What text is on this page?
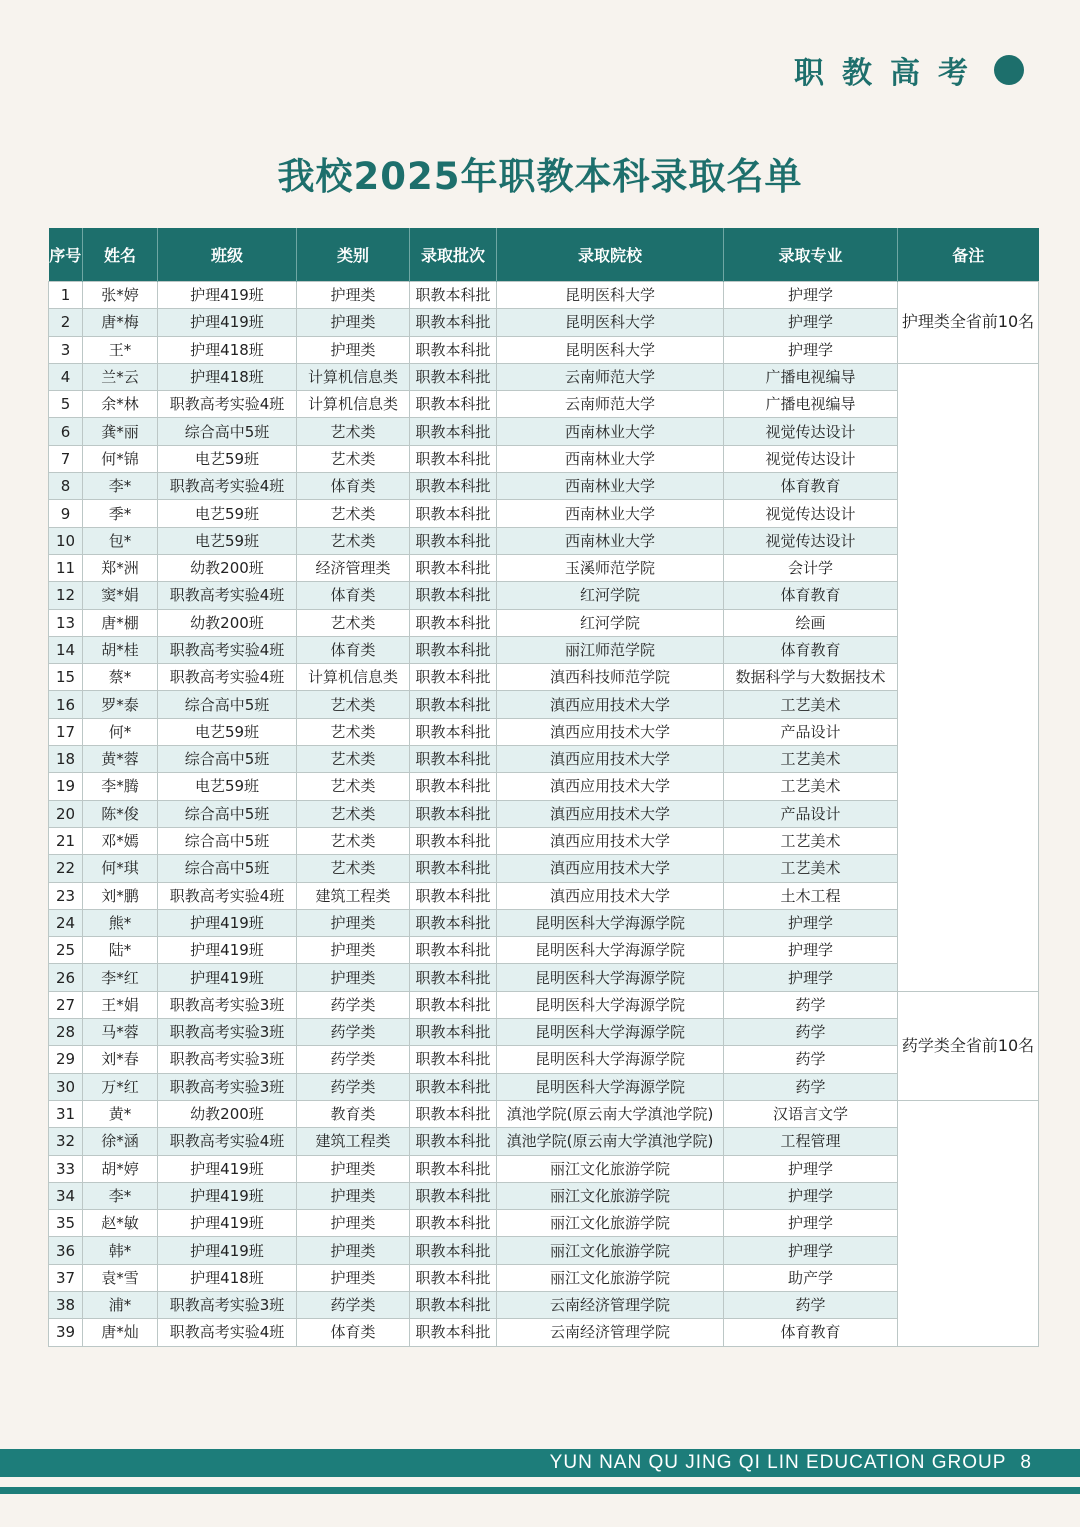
职教高考
我校2025年职教本科录取名单
序号	姓名	班级	类别	录取批次	录取院校	录取专业	备注
1	张*婷	护理419班	护理类	职教本科批	昆明医科大学	护理学	护理类全省前10名
2	唐*梅	护理419班	护理类	职教本科批	昆明医科大学	护理学	
3	王*	护理418班	护理类	职教本科批	昆明医科大学	护理学	
4	兰*云	护理418班	计算机信息类	职教本科批	云南师范大学	广播电视编导	
5	余*林	职教高考实验4班	计算机信息类	职教本科批	云南师范大学	广播电视编导	
6	龚*丽	综合高中5班	艺术类	职教本科批	西南林业大学	视觉传达设计	
7	何*锦	电艺59班	艺术类	职教本科批	西南林业大学	视觉传达设计	
8	李*	职教高考实验4班	体育类	职教本科批	西南林业大学	体育教育	
9	季*	电艺59班	艺术类	职教本科批	西南林业大学	视觉传达设计	
10	包*	电艺59班	艺术类	职教本科批	西南林业大学	视觉传达设计	
11	郑*洲	幼教200班	经济管理类	职教本科批	玉溪师范学院	会计学	
12	窦*娟	职教高考实验4班	体育类	职教本科批	红河学院	体育教育	
13	唐*棚	幼教200班	艺术类	职教本科批	红河学院	绘画	
14	胡*桂	职教高考实验4班	体育类	职教本科批	丽江师范学院	体育教育	
15	蔡*	职教高考实验4班	计算机信息类	职教本科批	滇西科技师范学院	数据科学与大数据技术	
16	罗*泰	综合高中5班	艺术类	职教本科批	滇西应用技术大学	工艺美术	
17	何*	电艺59班	艺术类	职教本科批	滇西应用技术大学	产品设计	
18	黄*蓉	综合高中5班	艺术类	职教本科批	滇西应用技术大学	工艺美术	
19	李*腾	电艺59班	艺术类	职教本科批	滇西应用技术大学	工艺美术	
20	陈*俊	综合高中5班	艺术类	职教本科批	滇西应用技术大学	产品设计	
21	邓*嫣	综合高中5班	艺术类	职教本科批	滇西应用技术大学	工艺美术	
22	何*琪	综合高中5班	艺术类	职教本科批	滇西应用技术大学	工艺美术	
23	刘*鹏	职教高考实验4班	建筑工程类	职教本科批	滇西应用技术大学	土木工程	
24	熊*	护理419班	护理类	职教本科批	昆明医科大学海源学院	护理学	
25	陆*	护理419班	护理类	职教本科批	昆明医科大学海源学院	护理学	
26	李*红	护理419班	护理类	职教本科批	昆明医科大学海源学院	护理学	
27	王*娟	职教高考实验3班	药学类	职教本科批	昆明医科大学海源学院	药学	药学类全省前10名
28	马*蓉	职教高考实验3班	药学类	职教本科批	昆明医科大学海源学院	药学	
29	刘*春	职教高考实验3班	药学类	职教本科批	昆明医科大学海源学院	药学	
30	万*红	职教高考实验3班	药学类	职教本科批	昆明医科大学海源学院	药学	
31	黄*	幼教200班	教育类	职教本科批	滇池学院(原云南大学滇池学院)	汉语言文学	
32	徐*涵	职教高考实验4班	建筑工程类	职教本科批	滇池学院(原云南大学滇池学院)	工程管理	
33	胡*婷	护理419班	护理类	职教本科批	丽江文化旅游学院	护理学	
34	李*	护理419班	护理类	职教本科批	丽江文化旅游学院	护理学	
35	赵*敏	护理419班	护理类	职教本科批	丽江文化旅游学院	护理学	
36	韩*	护理419班	护理类	职教本科批	丽江文化旅游学院	护理学	
37	袁*雪	护理418班	护理类	职教本科批	丽江文化旅游学院	助产学	
38	浦*	职教高考实验3班	药学类	职教本科批	云南经济管理学院	药学	
39	唐*灿	职教高考实验4班	体育类	职教本科批	云南经济管理学院	体育教育	
YUN NAN QU JING QI LIN EDUCATION GROUP 8
